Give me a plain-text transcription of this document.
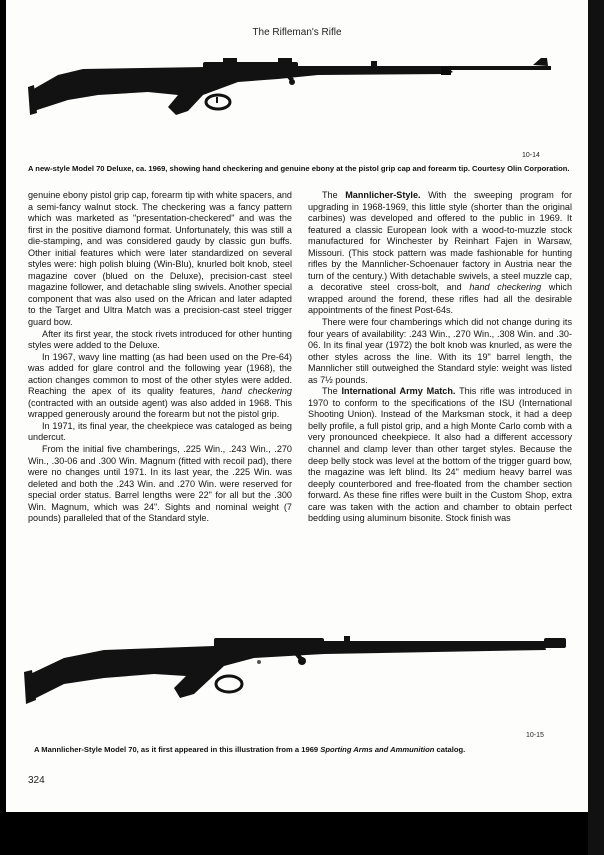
The Rifleman's Rifle
10-14
A new-style Model 70 Deluxe, ca. 1969, showing hand checkering and genuine ebony at the pistol grip cap and forearm tip. Courtesy Olin Corporation.

genuine ebony pistol grip cap, forearm tip with white spacers, and a semi-fancy walnut stock. The checkering was a fancy pattern which was marketed as "presentation-checkered" and was the first in the positive diamond format. Unfortunately, this was still a die-stamping, and was considered gaudy by classic gun buffs. Other initial features which were later standardized on several styles were: high polish bluing (Win-Blu), knurled bolt knob, steel magazine cover (blued on the Deluxe), precision-cast steel magazine follower, and detachable sling swivels. Another special component that was also used on the African and later adapted to the Target and Ultra Match was a precision-cast steel trigger guard bow.

After its first year, the stock rivets introduced for other hunting styles were added to the Deluxe.

In 1967, wavy line matting (as had been used on the Pre-64) was added for glare control and the following year (1968), the action changes common to most of the other styles were added. Reaching the apex of its quality features, hand checkering (contracted with an outside agent) was also added in 1968. This wrapped generously around the forearm but not the pistol grip.

In 1971, its final year, the cheekpiece was cataloged as being undercut.

From the initial five chamberings, .225 Win., .243 Win., .270 Win., .30-06 and .300 Win. Magnum (fitted with recoil pad), there were no changes until 1971. In its last year, the .225 Win. was deleted and both the .243 Win. and .270 Win. were reserved for special order status. Barrel lengths were 22" for all but the .300 Win. Magnum, which was 24". Sights and nominal weight (7 pounds) paralleled that of the Standard style.

The Mannlicher-Style. With the sweeping program for upgrading in 1968-1969, this little style (shorter than the original carbines) was developed and offered to the public in 1969. It featured a classic European look with a wood-to-muzzle stock manufactured for Winchester by Reinhart Fajen in Warsaw, Missouri. (This stock pattern was made fashionable for hunting rifles by the Mannlicher-Schoenauer factory in Austria near the turn of the century.) With detachable swivels, a steel muzzle cap, a decorative steel cross-bolt, and hand checkering which wrapped around the forend, these rifles had all the desirable appointments of the finest Post-64s.

There were four chamberings which did not change during its four years of availability: .243 Win., .270 Win., .308 Win. and .30-06. In its final year (1972) the bolt knob was knurled, as were the other styles across the line. With its 19" barrel length, the Mannlicher still outweighed the Standard style: weight was listed as 7½ pounds.

The International Army Match. This rifle was introduced in 1970 to conform to the specifications of the ISU (International Shooting Union). Instead of the Marksman stock, it had a deep belly profile, a full pistol grip, and a high Monte Carlo comb with a very pronounced cheekpiece. It also had a different accessory channel and clamp lever than other target styles. Because the deep belly stock was level at the bottom of the trigger guard bow, the magazine was left blind. Its 24" medium heavy barrel was deeply counterbored and free-floated from the chamber section forward. As these fine rifles were built in the Custom Shop, extra care was taken with the action and chamber to obtain perfect bedding using aluminum bisonite. Stock finish was

10-15
A Mannlicher-Style Model 70, as it first appeared in this illustration from a 1969 Sporting Arms and Ammunition catalog.
324
